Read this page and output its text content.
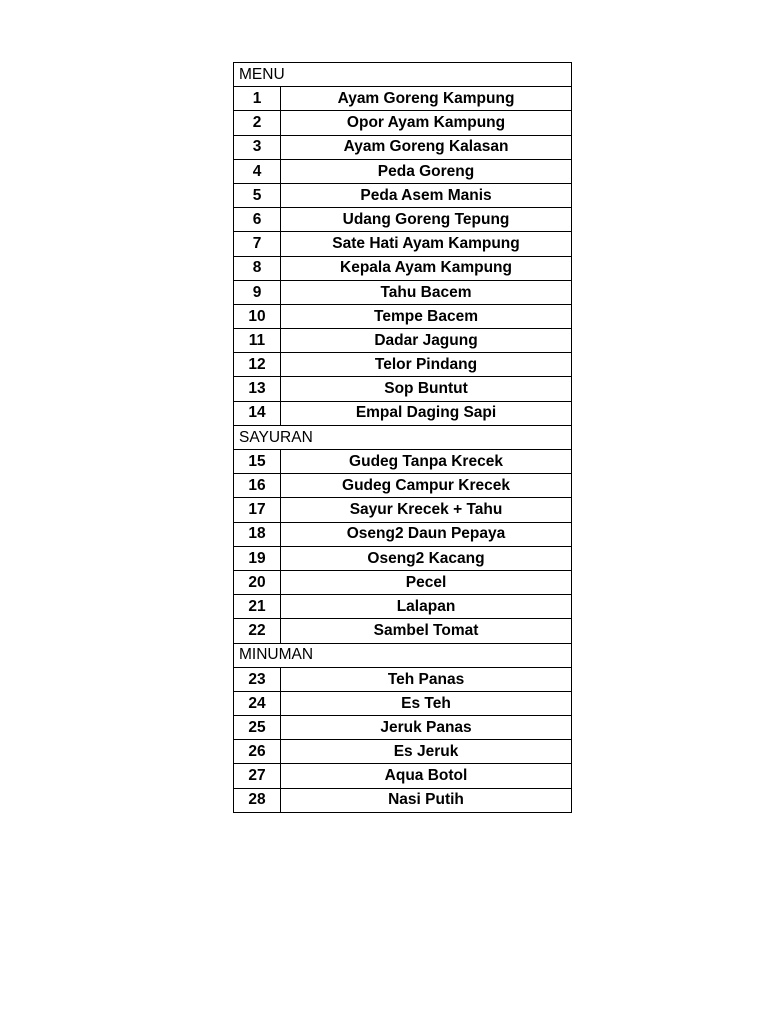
MENU	
1	Ayam Goreng Kampung
2	Opor Ayam Kampung
3	Ayam Goreng Kalasan
4	Peda Goreng
5	Peda Asem Manis
6	Udang Goreng Tepung
7	Sate Hati Ayam Kampung
8	Kepala Ayam Kampung
9	Tahu Bacem
10	Tempe Bacem
11	Dadar Jagung
12	Telor Pindang
13	Sop Buntut
14	Empal Daging Sapi
SAYURAN	
15	Gudeg Tanpa Krecek
16	Gudeg Campur Krecek
17	Sayur Krecek + Tahu
18	Oseng2 Daun Pepaya
19	Oseng2 Kacang
20	Pecel
21	Lalapan
22	Sambel Tomat
MINUMAN	
23	Teh Panas
24	Es Teh
25	Jeruk Panas
26	Es Jeruk
27	Aqua Botol
28	Nasi Putih
